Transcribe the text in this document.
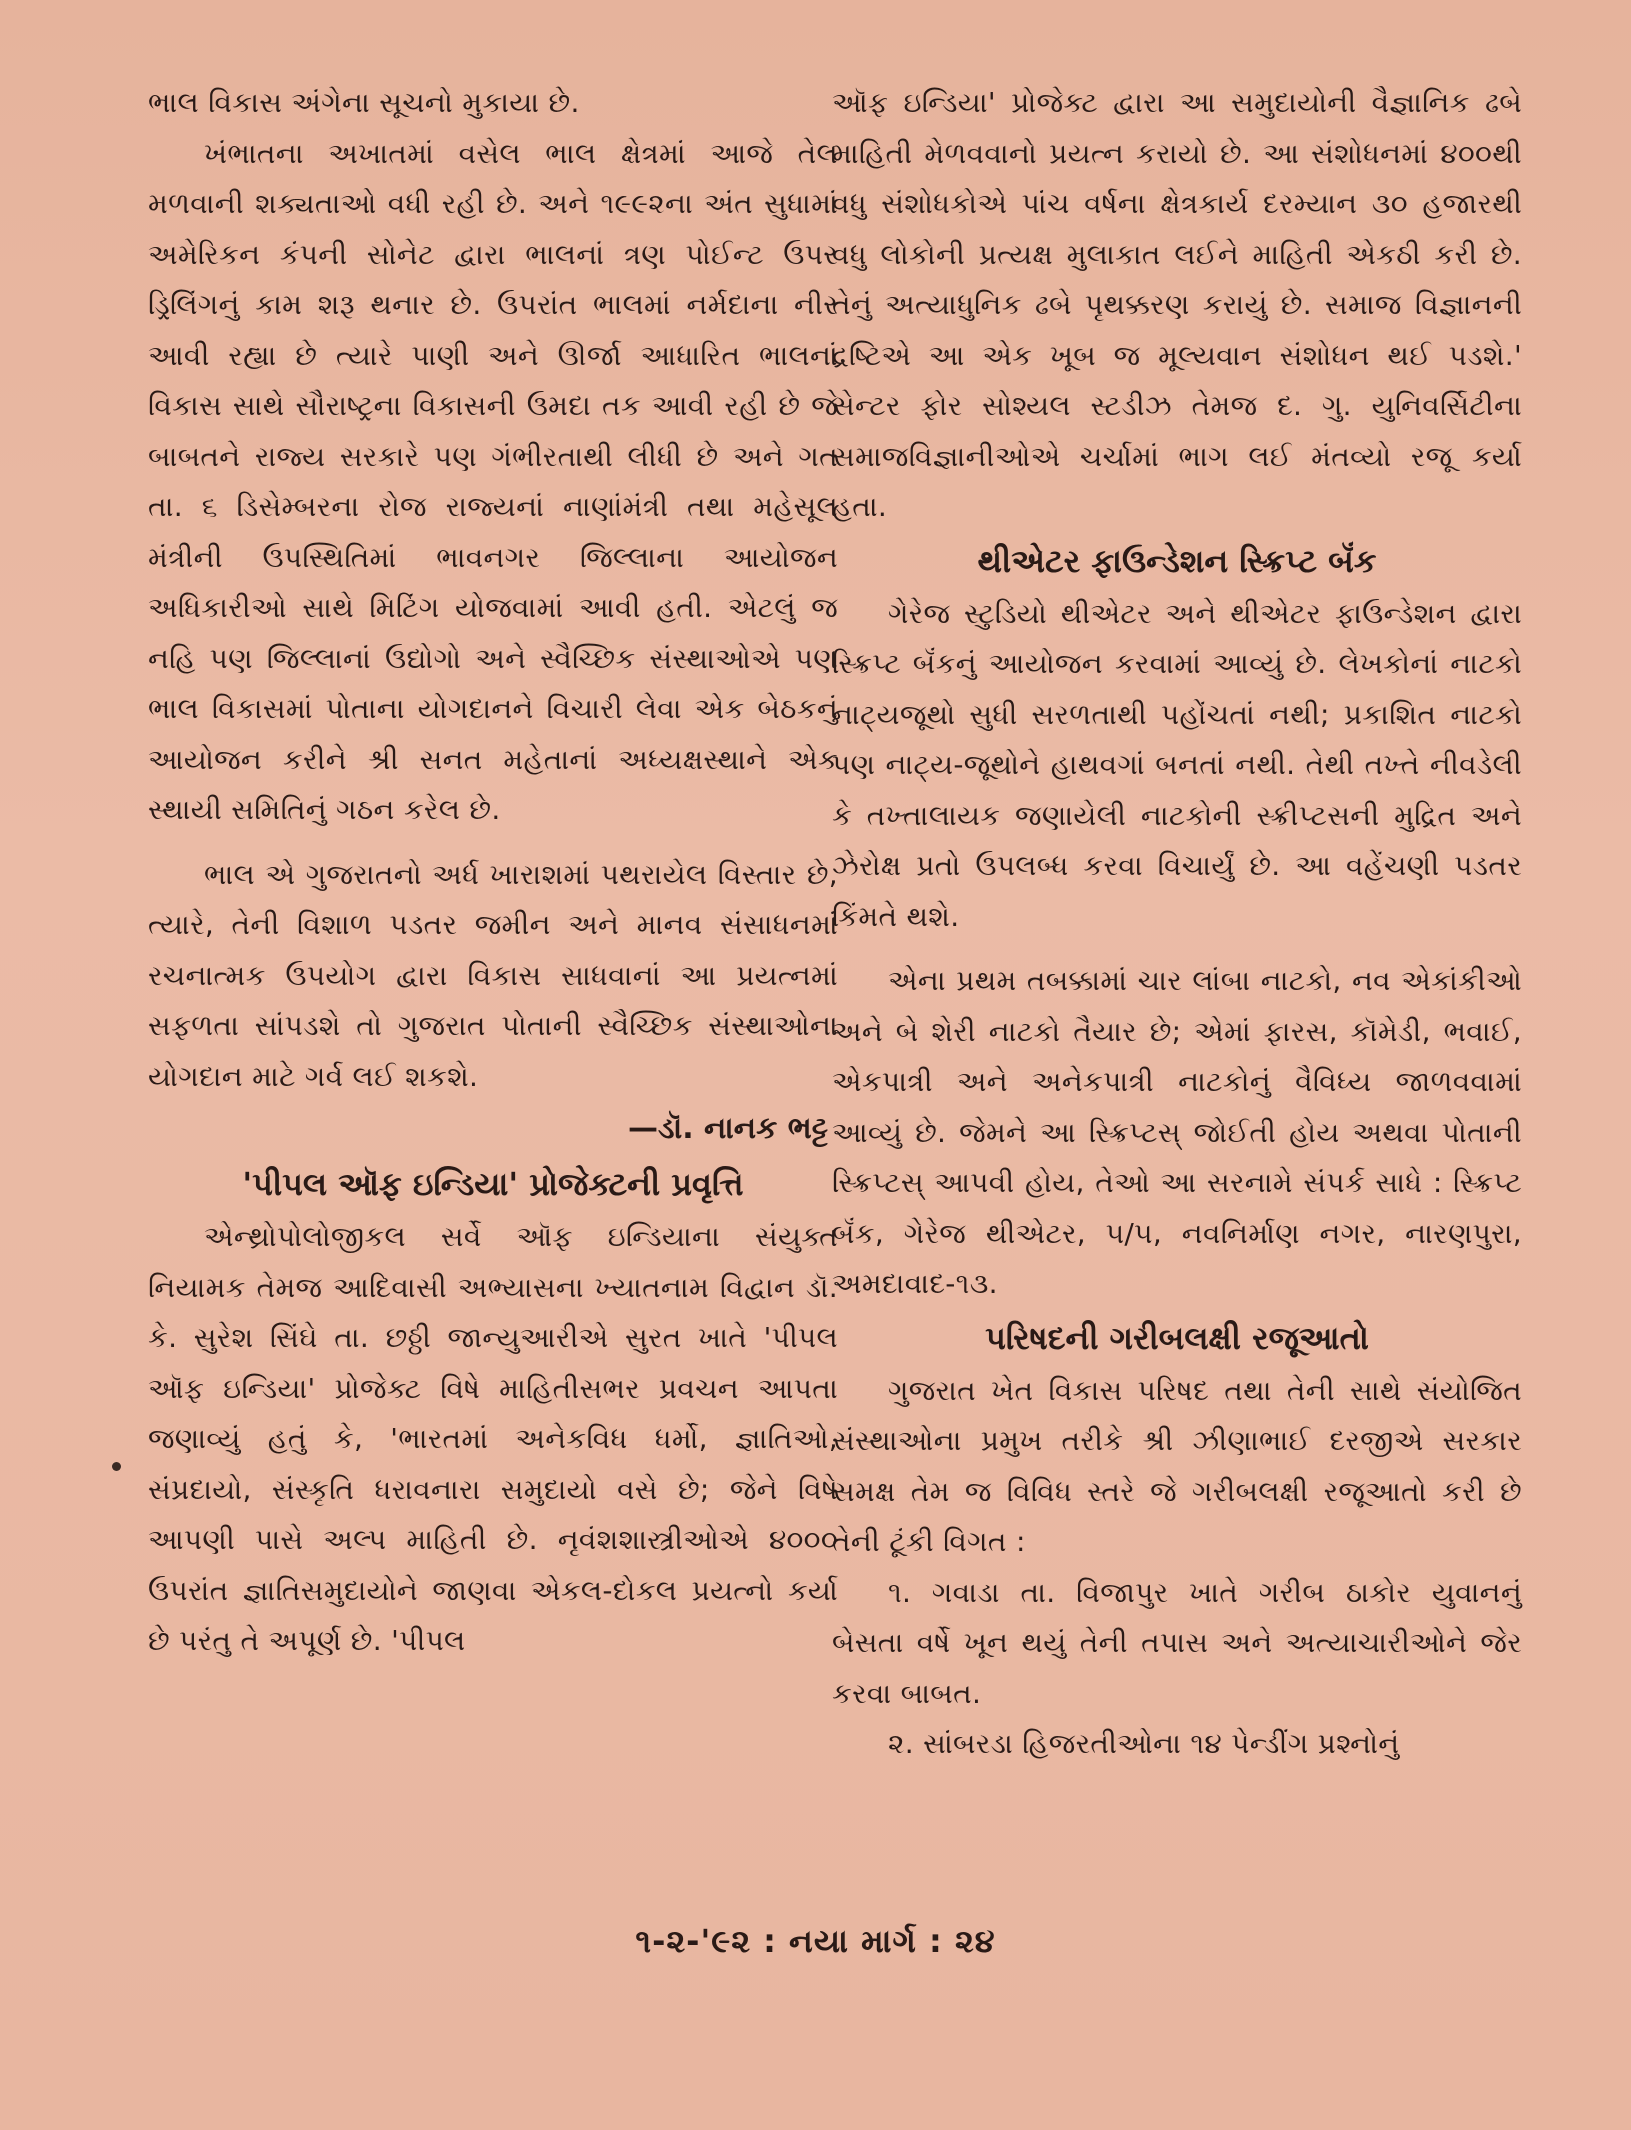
ભાલ વિકાસ અંગેના સૂચનો મુકાયા છે.

ખંભાતના અખાતમાં વસેલ ભાલ ક્ષેત્રમાં આજે તેલ મળવાની શક્યતાઓ વધી રહી છે. અને ૧૯૯૨ના અંત સુધામાં અમેરિકન કંપની સોનેટ દ્વારા ભાલનાં ત્રણ પોઈન્ટ ઉપર ડ્રિલિંગનું કામ શરૂ થનાર છે. ઉપરાંત ભાલમાં નર્મદાના નીર આવી રહ્યા છે ત્યારે પાણી અને ઊર્જા આધારિત ભાલનાં વિકાસ સાથે સૌરાષ્ટ્રના વિકાસની ઉમદા તક આવી રહી છે જે બાબતને રાજ્ય સરકારે પણ ગંભીરતાથી લીધી છે અને ગત તા. ૬ ડિસેમ્બરના રોજ રાજ્યનાં નાણાંમંત્રી તથા મહેસૂલ મંત્રીની ઉપસ્થિતિમાં ભાવનગર જિલ્લાના આયોજન અધિકારીઓ સાથે મિટિંગ યોજવામાં આવી હતી. એટલું જ નહિ પણ જિલ્લાનાં ઉદ્યોગો અને સ્વૈચ્છિક સંસ્થાઓએ પણ ભાલ વિકાસમાં પોતાના યોગદાનને વિચારી લેવા એક બેઠકનું આયોજન કરીને શ્રી સનત મહેતાનાં અધ્યક્ષસ્થાને એક સ્થાયી સમિતિનું ગઠન કરેલ છે.

ભાલ એ ગુજરાતનો અર્ધ ખારાશમાં પથરાયેલ વિસ્તાર છે, ત્યારે, તેની વિશાળ પડતર જમીન અને માનવ સંસાધનમાં રચનાત્મક ઉપયોગ દ્વારા વિકાસ સાધવાનાં આ પ્રયત્નમાં સફળતા સાંપડશે તો ગુજરાત પોતાની સ્વૈચ્છિક સંસ્થાઓના યોગદાન માટે ગર્વ લઈ શકશે.

—ડૉ. નાનક ભટ્ટ

'પીપલ ઑફ ઇન્ડિયા' પ્રોજેક્ટની પ્રવૃત્તિ

એન્થ્રોપોલોજીકલ સર્વે ઑફ ઇન્ડિયાના સંયુક્ત નિયામક તેમજ આદિવાસી અભ્યાસના ખ્યાતનામ વિદ્વાન ડૉ. કે. સુરેશ સિંઘે તા. છઠ્ઠી જાન્યુઆરીએ સુરત ખાતે 'પીપલ ઑફ ઇન્ડિયા' પ્રોજેક્ટ વિષે માહિતીસભર પ્રવચન આપતા જણાવ્યું હતું કે, 'ભારતમાં અનેકવિધ ધર્મો, જ્ઞાતિઓ, સંપ્રદાયો, સંસ્કૃતિ ધરાવનારા સમુદાયો વસે છે; જેને વિષે આપણી પાસે અલ્પ માહિતી છે. નૃવંશશાસ્ત્રીઓએ ૪૦૦૦ ઉપરાંત જ્ઞાતિસમુદાયોને જાણવા એકલ-દોકલ પ્રયત્નો કર્યા છે પરંતુ તે અપૂર્ણ છે. 'પીપલ

ઑફ ઇન્ડિયા' પ્રોજેક્ટ દ્વારા આ સમુદાયોની વૈજ્ઞાનિક ઢબે માહિતી મેળવવાનો પ્રયત્ન કરાયો છે. આ સંશોધનમાં ૪૦૦થી વધુ સંશોધકોએ પાંચ વર્ષના ક્ષેત્રકાર્ય દરમ્યાન ૩૦ હજારથી વધુ લોકોની પ્રત્યક્ષ મુલાકાત લઈને માહિતી એકઠી કરી છે. તેનું અત્યાધુનિક ઢબે પૃથક્કરણ કરાયું છે. સમાજ વિજ્ઞાનની દ્રષ્ટિએ આ એક ખૂબ જ મૂલ્યવાન સંશોધન થઈ પડશે.' સેન્ટર ફોર સોશ્યલ સ્ટડીઝ તેમજ દ. ગુ. યુનિવર્સિટીના સમાજવિજ્ઞાનીઓએ ચર્ચામાં ભાગ લઈ મંતવ્યો રજૂ કર્યા હતા.

થીએટર ફાઉન્ડેશન સ્ક્રિપ્ટ બૅંક

ગેરેજ સ્ટુડિયો થીએટર અને થીએટર ફાઉન્ડેશન દ્વારા સ્ક્રિપ્ટ બૅંકનું આયોજન કરવામાં આવ્યું છે. લેખકોનાં નાટકો નાટ્યજૂથો સુધી સરળતાથી પહોંચતાં નથી; પ્રકાશિત નાટકો પણ નાટ્ય-જૂથોને હાથવગાં બનતાં નથી. તેથી તખ્તે નીવડેલી કે તખ્તાલાયક જણાયેલી નાટકોની સ્ક્રીપ્ટસની મુદ્રિત અને ઝેરોક્ષ પ્રતો ઉપલબ્ધ કરવા વિચાર્યું છે. આ વહેંચણી પડતર કિંમતે થશે.

એના પ્રથમ તબક્કામાં ચાર લાંબા નાટકો, નવ એકાંકીઓ અને બે શેરી નાટકો તૈયાર છે; એમાં ફારસ, કૉમેડી, ભવાઈ, એકપાત્રી અને અનેકપાત્રી નાટકોનું વૈવિધ્ય જાળવવામાં આવ્યું છે. જેમને આ સ્ક્રિપ્ટસ્ જોઈતી હોય અથવા પોતાની સ્ક્રિપ્ટસ્ આપવી હોય, તેઓ આ સરનામે સંપર્ક સાધે : સ્ક્રિપ્ટ બૅંક, ગેરેજ થીએટર, ૫/૫, નવનિર્માણ નગર, નારણપુરા, અમદાવાદ-૧૩.

પરિષદની ગરીબલક્ષી રજૂઆતો

ગુજરાત ખેત વિકાસ પરિષદ તથા તેની સાથે સંયોજિત સંસ્થાઓના પ્રમુખ તરીકે શ્રી ઝીણાભાઈ દરજીએ સરકાર સમક્ષ તેમ જ વિવિધ સ્તરે જે ગરીબલક્ષી રજૂઆતો કરી છે તેની ટૂંકી વિગત :

૧. ગવાડા તા. વિજાપુર ખાતે ગરીબ ઠાકોર યુવાનનું બેસતા વર્ષે ખૂન થયું તેની તપાસ અને અત્યાચારીઓને જેર કરવા બાબત.

૨. સાંબરડા હિજરતીઓના ૧૪ પેન્ડીંગ પ્રશ્નોનું

૧-૨-'૯૨ : નયા માર્ગ : ૨૪
